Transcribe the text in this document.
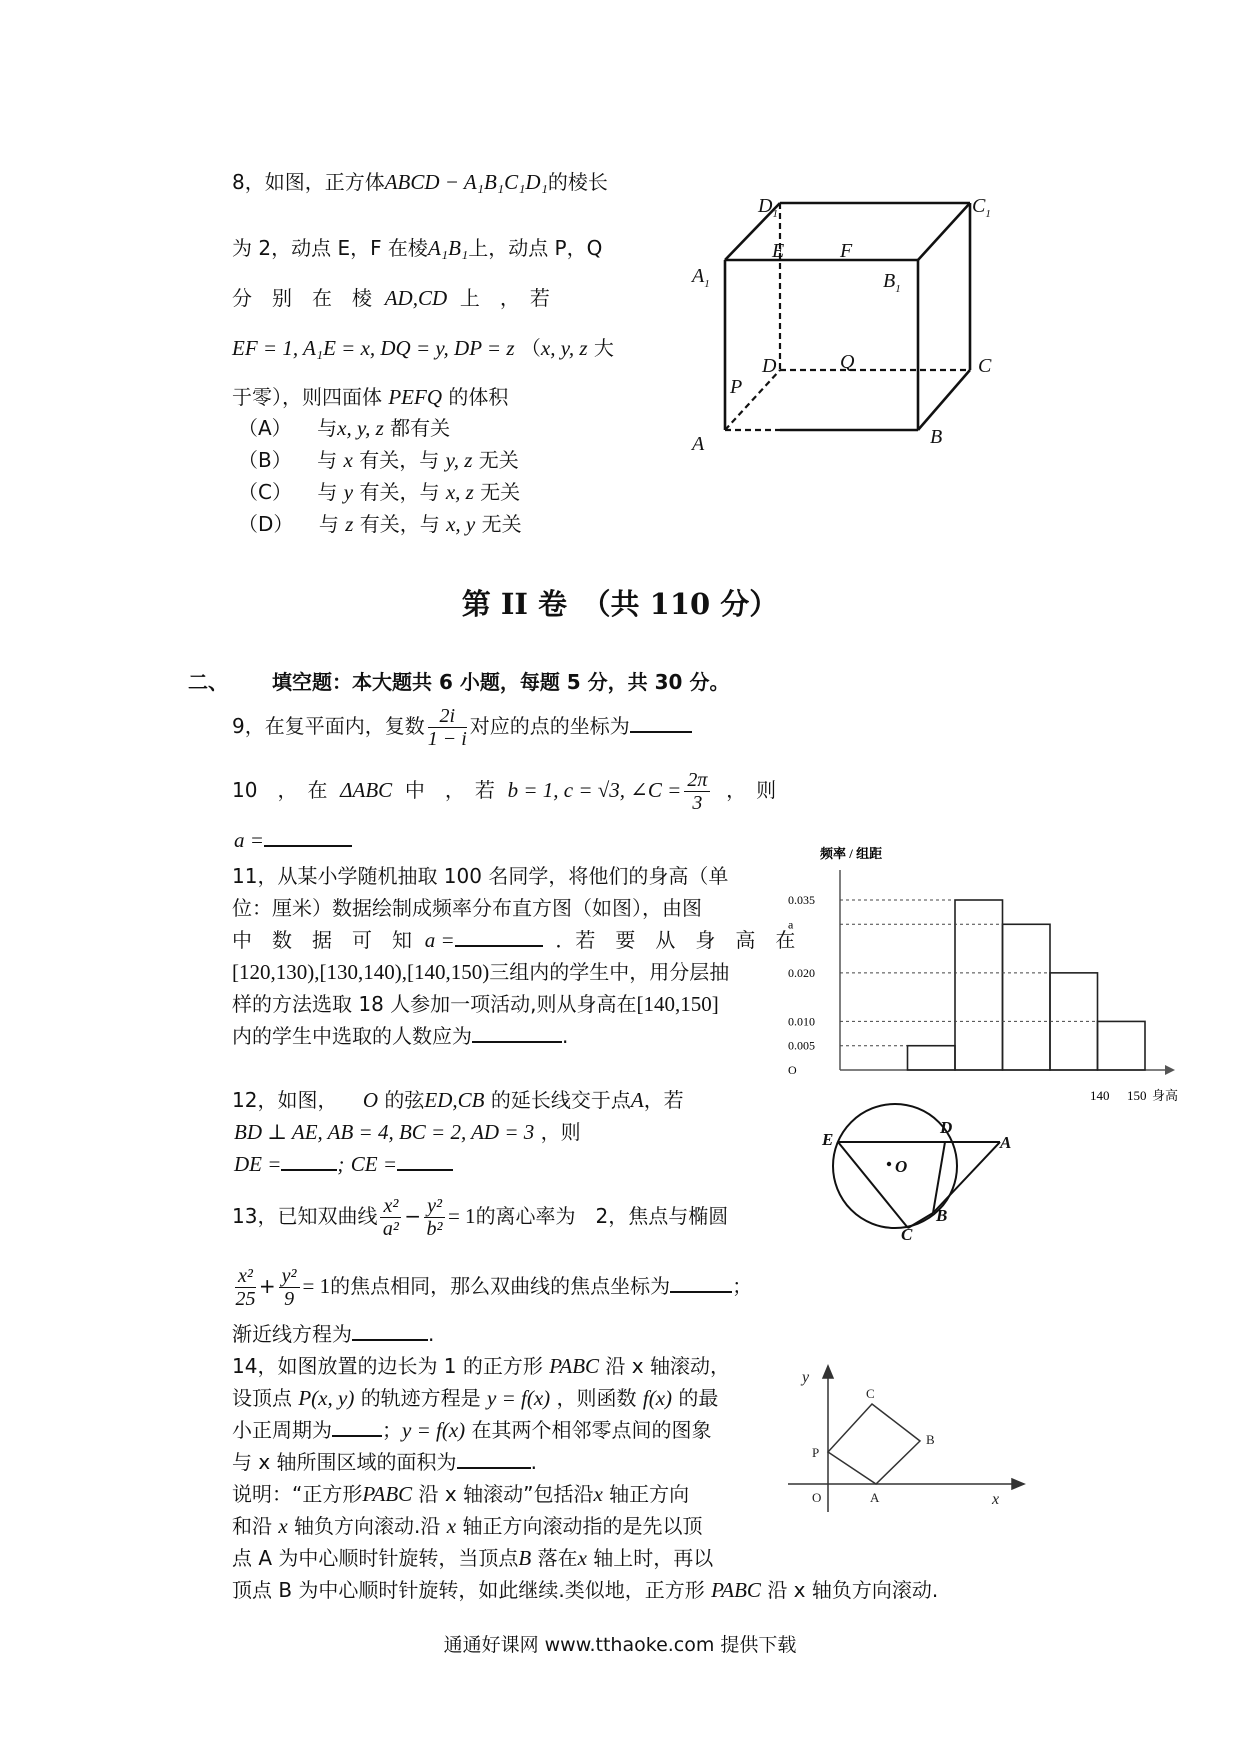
8，如图，正方体ABCD − A₁B₁C₁D₁的棱长
为 2，动点 E，F 在棱A₁B₁上，动点 P，Q
分　别　在　棱 AD,CD 上　，　若
EF = 1, A₁E = x, DQ = y, DP = z （x, y, z 大
于零），则四面体 PEFQ 的体积
（A） 与x, y, z 都有关
（B） 与 x 有关，与 y, z 无关
（C） 与 y 有关，与 x, z 无关
（D） 与 z 有关，与 x, y 无关
$D_1$	$C_1$
E	F
$A_1$	$B_1$
D	Q	C
P
A	B
第 II 卷　（共 110 分）
二、 填空题：本大题共 6 小题，每题 5 分，共 30 分。
9，在复平面内，复数 $\frac{2i}{1 - i}$ 对应的点的坐标为
10　，　在 ΔABC 中　，　若 b = 1, c = √3, ∠C = $\frac{2\pi}{3}$ ，　则
a =
11，从某小学随机抽取 100 名同学，将他们的身高（单
位：厘米）数据绘制成频率分布直方图（如图），由图
中　数　据　可　知 a =	．若　要　从　身　高　在
[120,130),[130,140),[140,150)三组内的学生中，用分层抽
样的方法选取 18 人参加一项活动,则从身高在[140,150]
内的学生中选取的人数应为	.
频率 / 组距
0.035
a
0.020
0.010
0.005
O
140 150 身高
12，如图， O 的弦ED,CB 的延长线交于点A，若
BD ⊥ AE, AB = 4, BC = 2, AD = 3 ，则
DE =	; CE =
E
D
A
O
B
C
13，已知双曲线 $\frac{\text{x²}}{\text{a²}} - \frac{\text{y²}}{\text{b²}} = 1$的离心率为　2，焦点与椭圆
$\frac{\text{x²}}{25} + \frac{\text{y²}}{9} = 1$的焦点相同，那么双曲线的焦点坐标为	；
渐近线方程为	.
14，如图放置的边长为 1 的正方形 PABC 沿 x 轴滚动，
设顶点 P(x, y) 的轨迹方程是 y = f(x) ，则函数 f(x) 的最
小正周期为	；y = f(x) 在其两个相邻零点间的图象
与 x 轴所围区域的面积为	.
说明：“正方形PABC 沿 x 轴滚动”包括沿x 轴正方向
和沿 x 轴负方向滚动.沿 x 轴正方向滚动指的是先以顶
点 A 为中心顺时针旋转，当顶点B 落在x 轴上时，再以
顶点 B 为中心顺时针旋转，如此继续.类似地，正方形 PABC 沿 x 轴负方向滚动.
y
C
B
P
O	A	x
通通好课网 www.tthaoke.com 提供下载
